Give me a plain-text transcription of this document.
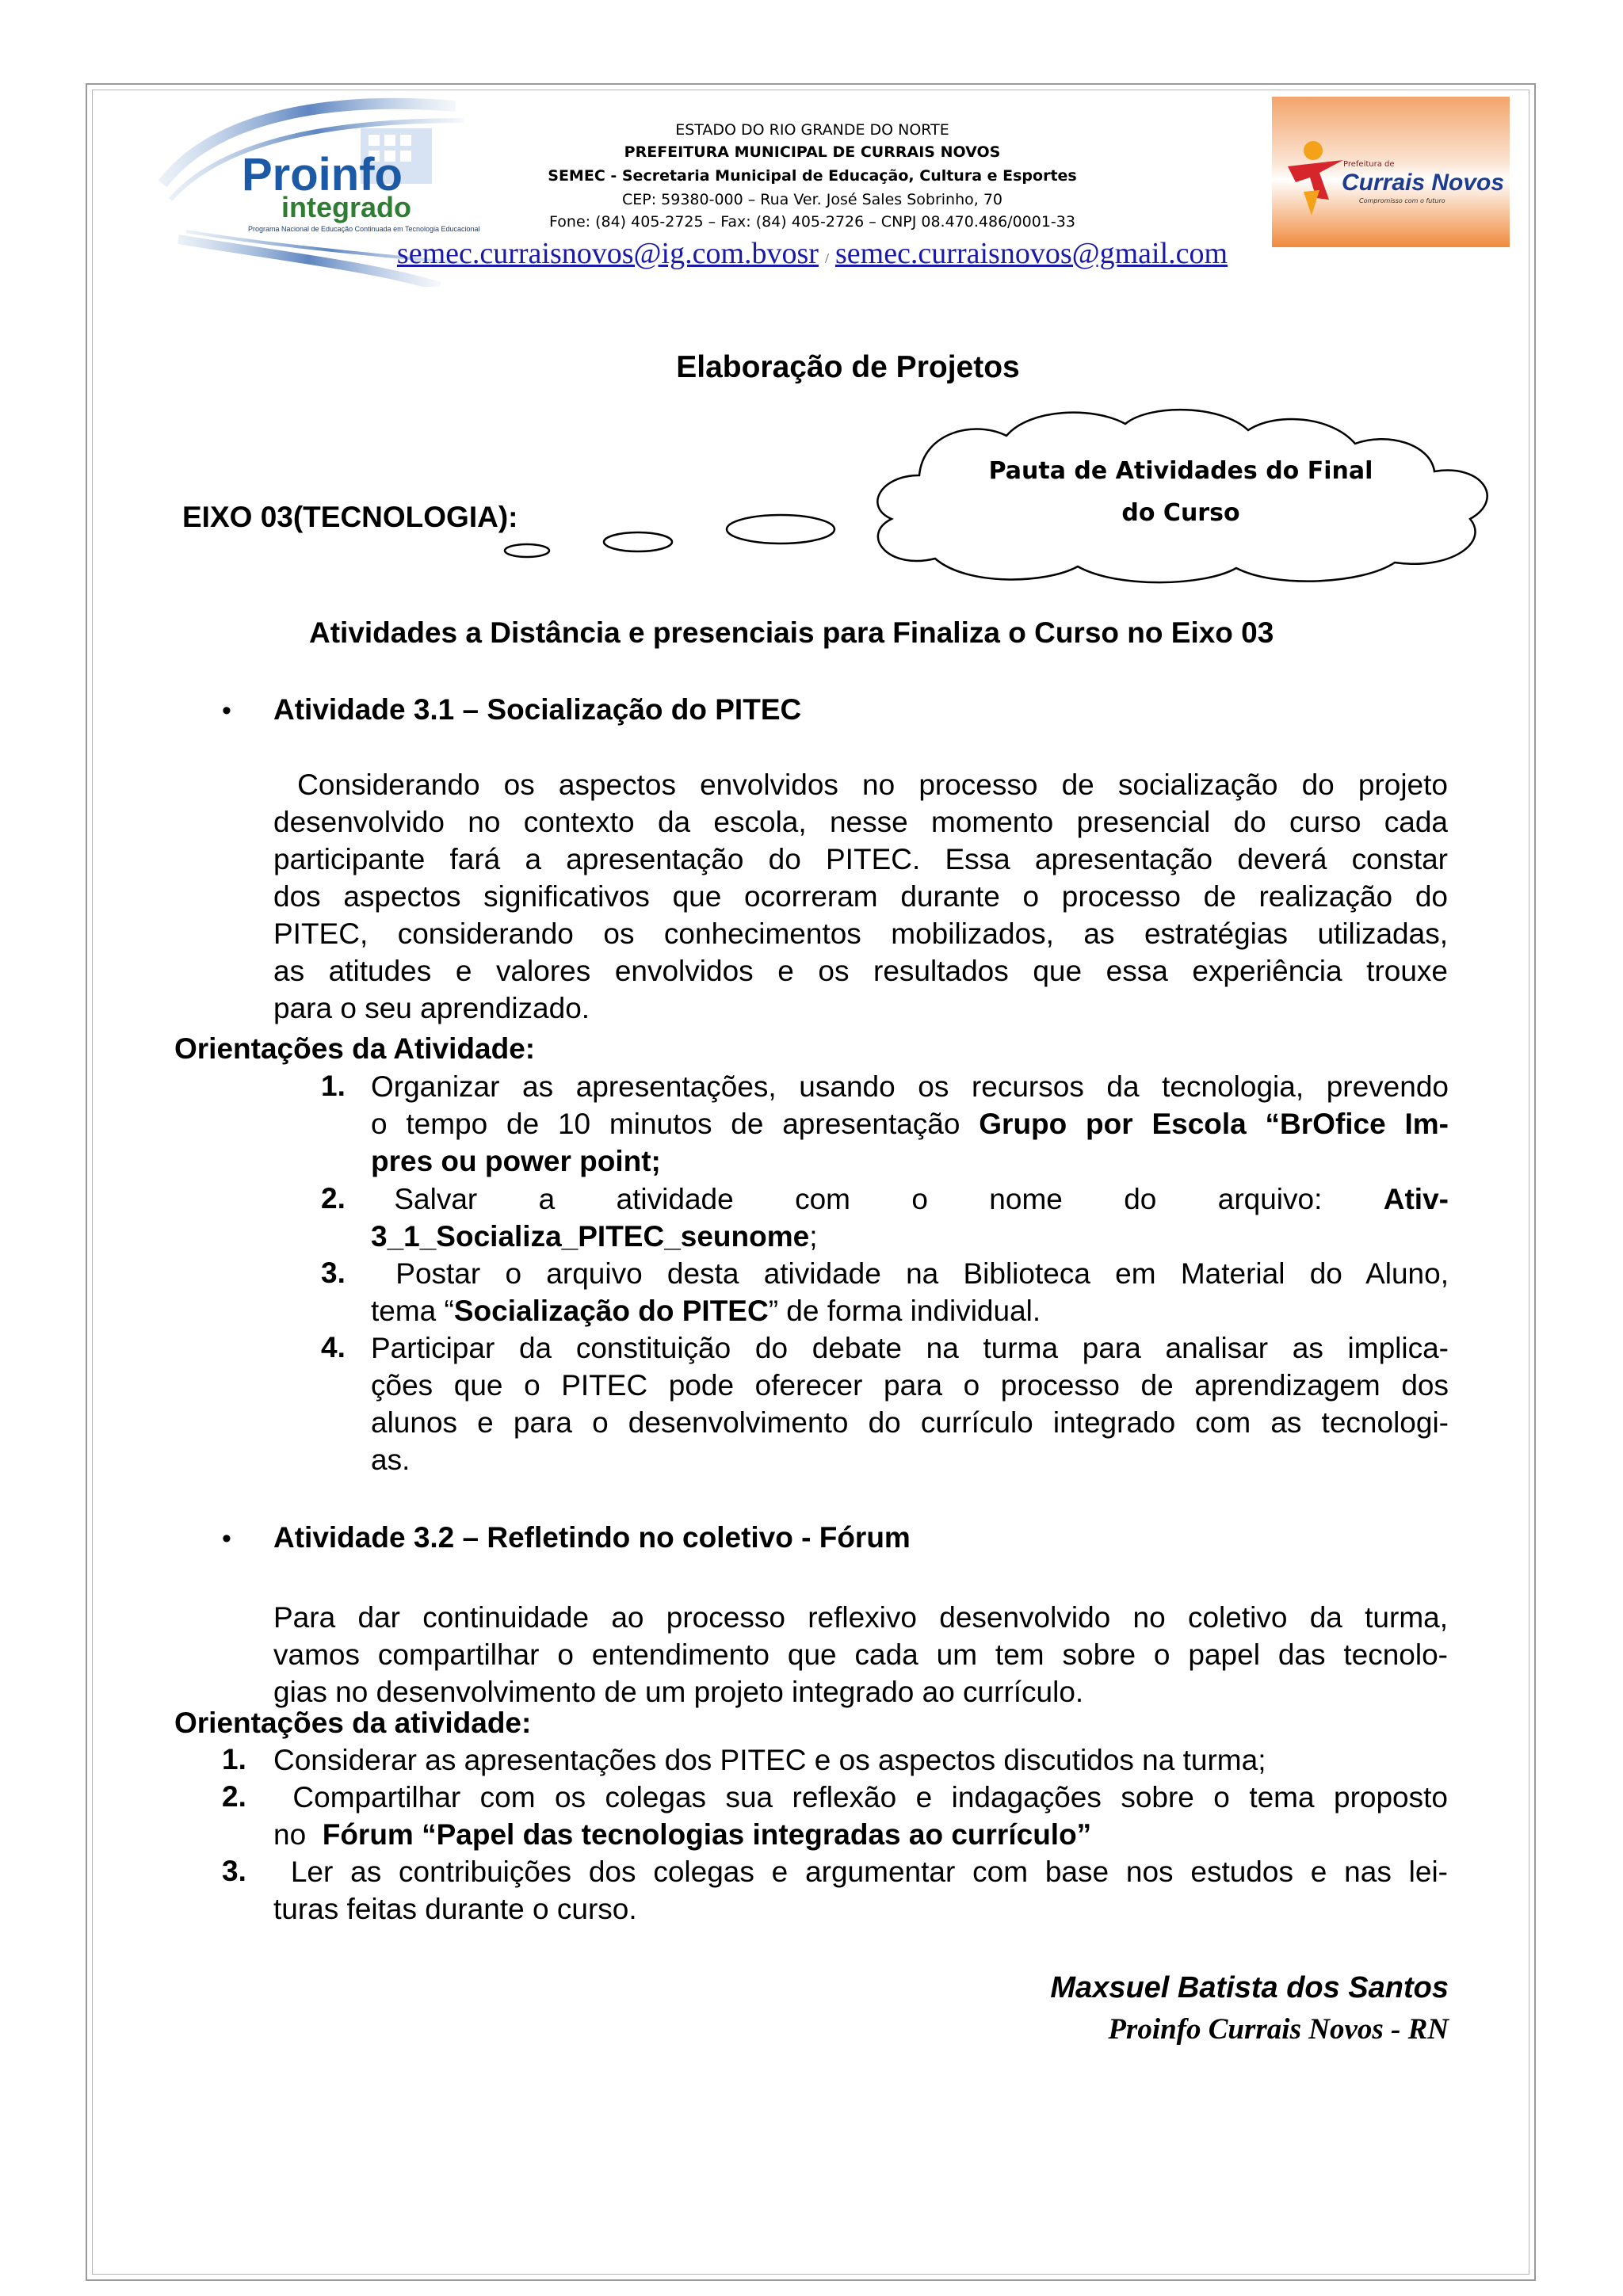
Proinfo
integrado
Programa Nacional de Educação Continuada em Tecnologia Educacional
Prefeitura de
Currais Novos
Compromisso com o futuro
ESTADO DO RIO GRANDE DO NORTE
PREFEITURA MUNICIPAL DE CURRAIS NOVOS
SEMEC - Secretaria Municipal de Educação, Cultura e Esportes
CEP: 59380-000 – Rua Ver. José Sales Sobrinho, 70
Fone: (84) 405-2725 – Fax: (84) 405-2726 – CNPJ 08.470.486/0001-33
semec.curraisnovos@ig.com.bvosr / semec.curraisnovos@gmail.com
Elaboração de Projetos
Pauta de Atividades do Final
do Curso
EIXO 03(TECNOLOGIA):
Atividades a Distância e presenciais para Finaliza o Curso no Eixo 03
• Atividade 3.1 – Socialização do PITEC
Considerando os aspectos envolvidos no processo de socialização do projeto
desenvolvido no contexto da escola, nesse momento presencial do curso cada
participante fará a apresentação do PITEC. Essa apresentação deverá constar
dos aspectos significativos que ocorreram durante o processo de realização do
PITEC, considerando os conhecimentos mobilizados, as estratégias utilizadas,
as atitudes e valores envolvidos e os resultados que essa experiência trouxe
para o seu aprendizado.
Orientações da Atividade:
1. Organizar as apresentações, usando os recursos da tecnologia, prevendo
o tempo de 10 minutos de apresentação Grupo por Escola “BrOfice Im-
pres ou power point;
2. Salvar a atividade com o nome do arquivo: Ativ-
3_1_Socializa_PITEC_seunome;
3. Postar o arquivo desta atividade na Biblioteca em Material do Aluno,
tema “Socialização do PITEC” de forma individual.
4. Participar da constituição do debate na turma para analisar as implica-
ções que o PITEC pode oferecer para o processo de aprendizagem dos
alunos e para o desenvolvimento do currículo integrado com as tecnologi-
as.
• Atividade 3.2 – Refletindo no coletivo - Fórum
Para dar continuidade ao processo reflexivo desenvolvido no coletivo da turma,
vamos compartilhar o entendimento que cada um tem sobre o papel das tecnolo-
gias no desenvolvimento de um projeto integrado ao currículo.
Orientações da atividade:
1. Considerar as apresentações dos PITEC e os aspectos discutidos na turma;
2. Compartilhar com os colegas sua reflexão e indagações sobre o tema proposto
no  Fórum “Papel das tecnologias integradas ao currículo”
3. Ler as contribuições dos colegas e argumentar com base nos estudos e nas lei-
turas feitas durante o curso.
Maxsuel Batista dos Santos
Proinfo Currais Novos - RN
